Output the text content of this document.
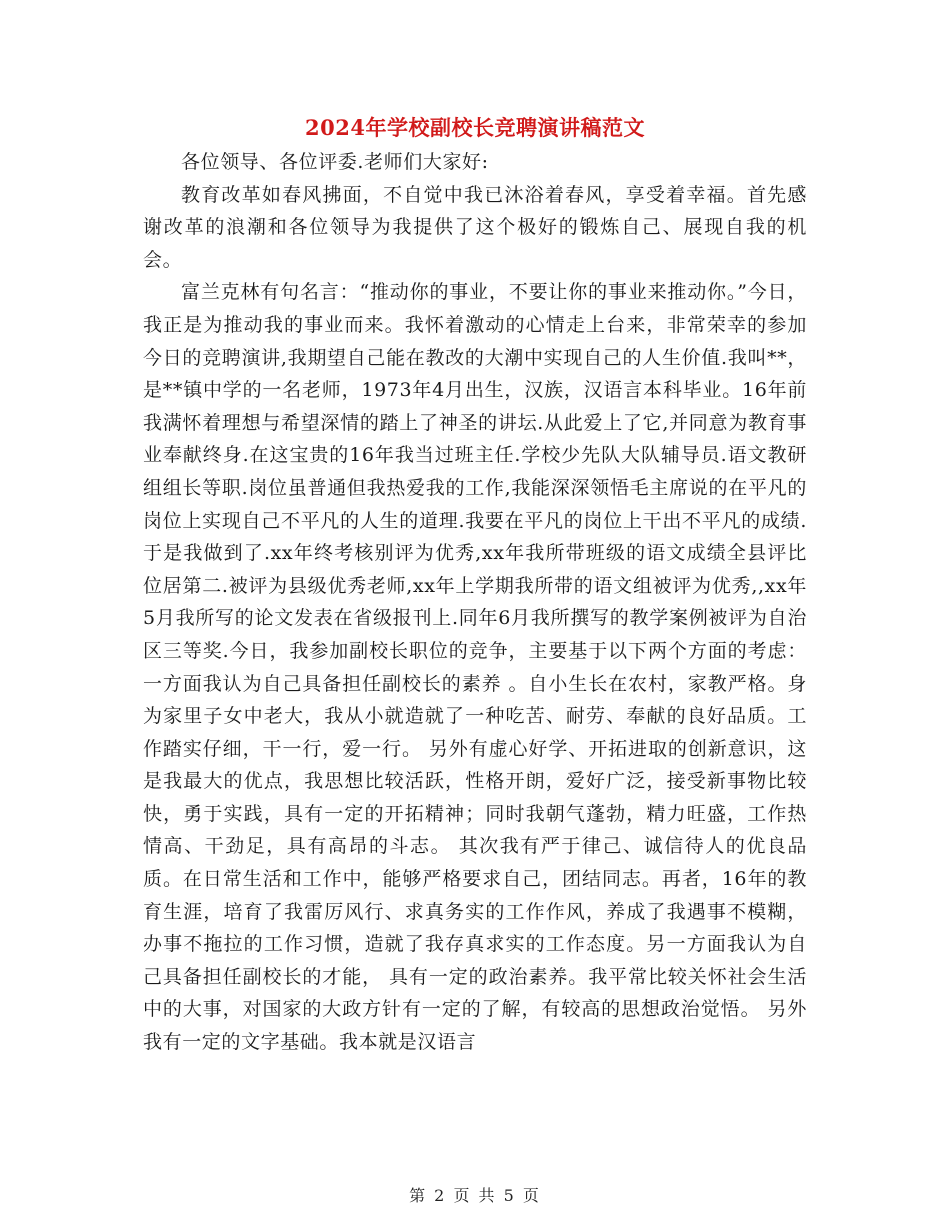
2024年学校副校长竞聘演讲稿范文

各位领导、各位评委.老师们大家好:

教育改革如春风拂面，不自觉中我已沐浴着春风，享受着幸福。首先感谢改革的浪潮和各位领导为我提供了这个极好的锻炼自己、展现自我的机会。

富兰克林有句名言：“推动你的事业，不要让你的事业来推动你。”今日，我正是为推动我的事业而来。我怀着激动的心情走上台来，非常荣幸的参加今日的竞聘演讲,我期望自己能在教改的大潮中实现自己的人生价值.我叫**，是**镇中学的一名老师，1973年4月出生，汉族，汉语言本科毕业。16年前我满怀着理想与希望深情的踏上了神圣的讲坛.从此爱上了它,并同意为教育事业奉献终身.在这宝贵的16年我当过班主任.学校少先队大队辅导员.语文教研组组长等职.岗位虽普通但我热爱我的工作,我能深深领悟毛主席说的在平凡的岗位上实现自己不平凡的人生的道理.我要在平凡的岗位上干出不平凡的成绩.于是我做到了.xx年终考核别评为优秀,xx年我所带班级的语文成绩全县评比位居第二.被评为县级优秀老师,xx年上学期我所带的语文组被评为优秀,,xx年5月我所写的论文发表在省级报刊上.同年6月我所撰写的教学案例被评为自治区三等奖.今日，我参加副校长职位的竞争，主要基于以下两个方面的考虑： 一方面我认为自己具备担任副校长的素养 。自小生长在农村，家教严格。身为家里子女中老大，我从小就造就了一种吃苦、耐劳、奉献的良好品质。工作踏实仔细，干一行，爱一行。 另外有虚心好学、开拓进取的创新意识，这是我最大的优点，我思想比较活跃，性格开朗，爱好广泛，接受新事物比较快，勇于实践，具有一定的开拓精神；同时我朝气蓬勃，精力旺盛，工作热情高、干劲足，具有高昂的斗志。 其次我有严于律己、诚信待人的优良品质。在日常生活和工作中，能够严格要求自己，团结同志。再者，16年的教育生涯，培育了我雷厉风行、求真务实的工作作风，养成了我遇事不模糊，办事不拖拉的工作习惯，造就了我存真求实的工作态度。另一方面我认为自己具备担任副校长的才能， 具有一定的政治素养。我平常比较关怀社会生活中的大事，对国家的大政方针有一定的了解，有较高的思想政治觉悟。 另外我有一定的文字基础。我本就是汉语言

第 2 页 共 5 页
